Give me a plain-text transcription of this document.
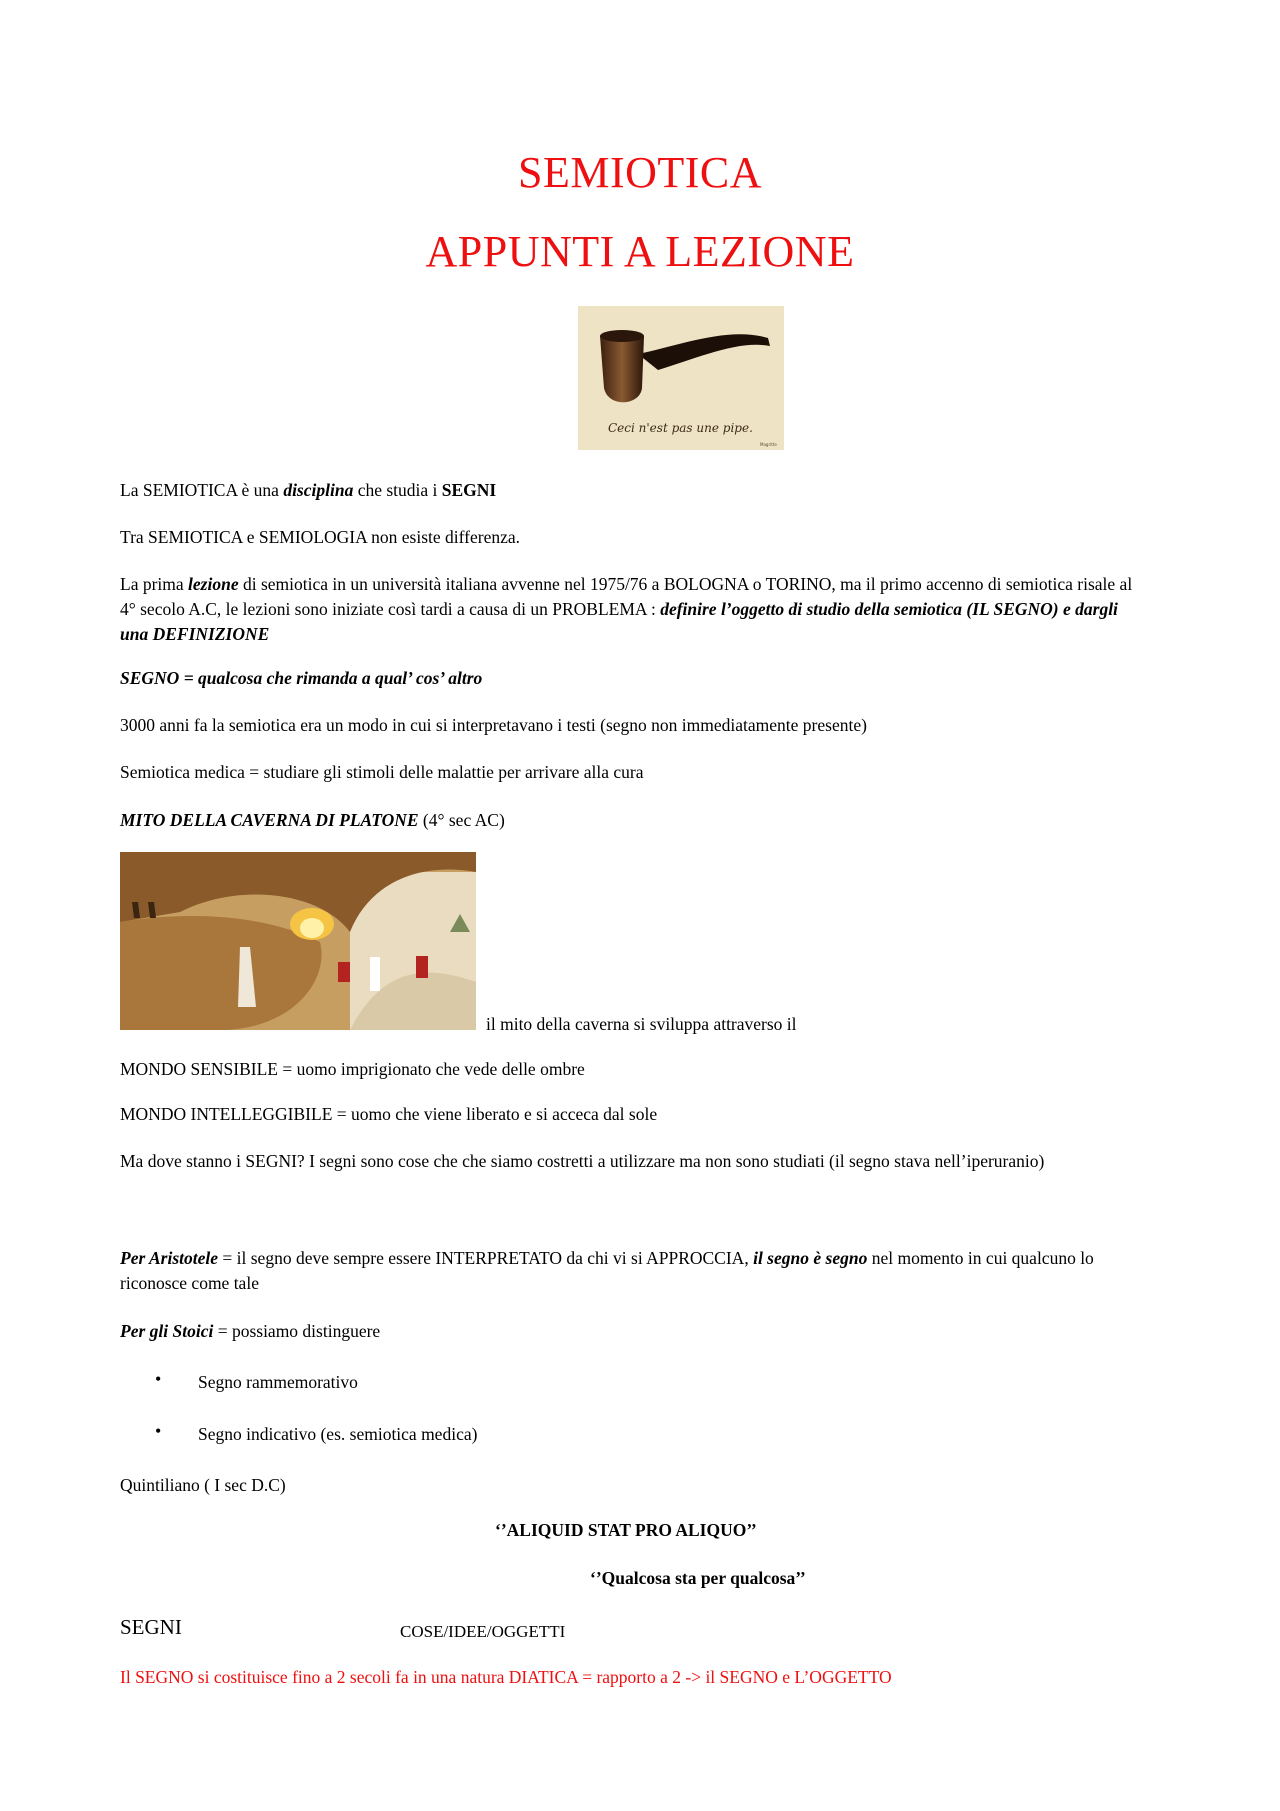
SEMIOTICA
APPUNTI A LEZIONE
Ceci n'est pas une pipe.
Magritte
La SEMIOTICA è una disciplina che studia i SEGNI
Tra SEMIOTICA e SEMIOLOGIA non esiste differenza.
La prima lezione di semiotica in un università italiana avvenne nel 1975/76 a BOLOGNA o TORINO, ma il primo accenno di semiotica risale al 4° secolo A.C, le lezioni sono iniziate così tardi a causa di un PROBLEMA : definire l’oggetto di studio della semiotica (IL SEGNO) e dargli una DEFINIZIONE
SEGNO = qualcosa che rimanda a qual’ cos’ altro
3000 anni fa la semiotica era un modo in cui si interpretavano i testi (segno non immediatamente presente)
Semiotica medica = studiare gli stimoli delle malattie per arrivare alla cura
MITO DELLA CAVERNA DI PLATONE (4° sec AC)
il mito della caverna si sviluppa attraverso il
MONDO SENSIBILE = uomo imprigionato che vede delle ombre
MONDO INTELLEGGIBILE = uomo che viene liberato e si acceca dal sole
Ma dove stanno i SEGNI? I segni sono cose che che siamo costretti a utilizzare ma non sono studiati (il segno stava nell’iperuranio)
Per Aristotele = il segno deve sempre essere INTERPRETATO da chi vi si APPROCCIA, il segno è segno nel momento in cui qualcuno lo riconosce come tale
Per gli Stoici = possiamo distinguere
• Segno rammemorativo
• Segno indicativo (es. semiotica medica)
Quintiliano ( I sec D.C)
‘’ALIQUID STAT PRO ALIQUO’’
‘’Qualcosa sta per qualcosa’’
SEGNI	COSE/IDEE/OGGETTI
Il SEGNO si costituisce fino a 2 secoli fa in una natura DIATICA = rapporto a 2 -> il SEGNO e L’OGGETTO
